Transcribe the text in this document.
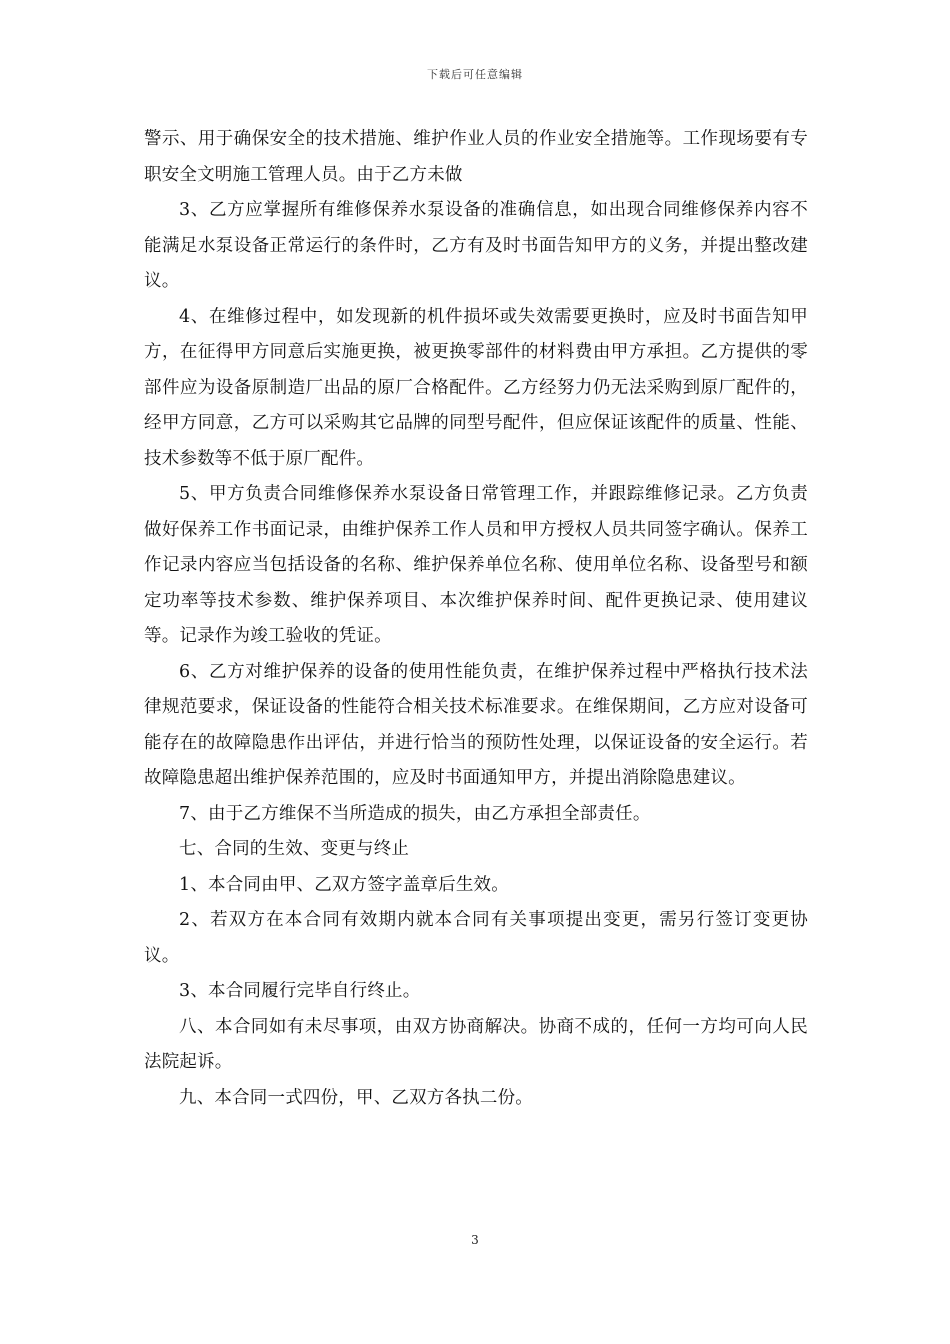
下载后可任意编辑

警示、用于确保安全的技术措施、维护作业人员的作业安全措施等。工作现场要有专职安全文明施工管理人员。由于乙方未做

3、乙方应掌握所有维修保养水泵设备的准确信息，如出现合同维修保养内容不能满足水泵设备正常运行的条件时，乙方有及时书面告知甲方的义务，并提出整改建议。

4、在维修过程中，如发现新的机件损坏或失效需要更换时，应及时书面告知甲方，在征得甲方同意后实施更换，被更换零部件的材料费由甲方承担。乙方提供的零部件应为设备原制造厂出品的原厂合格配件。乙方经努力仍无法采购到原厂配件的，经甲方同意，乙方可以采购其它品牌的同型号配件，但应保证该配件的质量、性能、技术参数等不低于原厂配件。

5、甲方负责合同维修保养水泵设备日常管理工作，并跟踪维修记录。乙方负责做好保养工作书面记录，由维护保养工作人员和甲方授权人员共同签字确认。保养工作记录内容应当包括设备的名称、维护保养单位名称、使用单位名称、设备型号和额定功率等技术参数、维护保养项目、本次维护保养时间、配件更换记录、使用建议等。记录作为竣工验收的凭证。

6、乙方对维护保养的设备的使用性能负责，在维护保养过程中严格执行技术法律规范要求，保证设备的性能符合相关技术标准要求。在维保期间，乙方应对设备可能存在的故障隐患作出评估，并进行恰当的预防性处理，以保证设备的安全运行。若故障隐患超出维护保养范围的，应及时书面通知甲方，并提出消除隐患建议。

7、由于乙方维保不当所造成的损失，由乙方承担全部责任。

七、合同的生效、变更与终止

1、本合同由甲、乙双方签字盖章后生效。

2、若双方在本合同有效期内就本合同有关事项提出变更，需另行签订变更协议。

3、本合同履行完毕自行终止。

八、本合同如有未尽事项，由双方协商解决。协商不成的，任何一方均可向人民法院起诉。

九、本合同一式四份，甲、乙双方各执二份。

3
